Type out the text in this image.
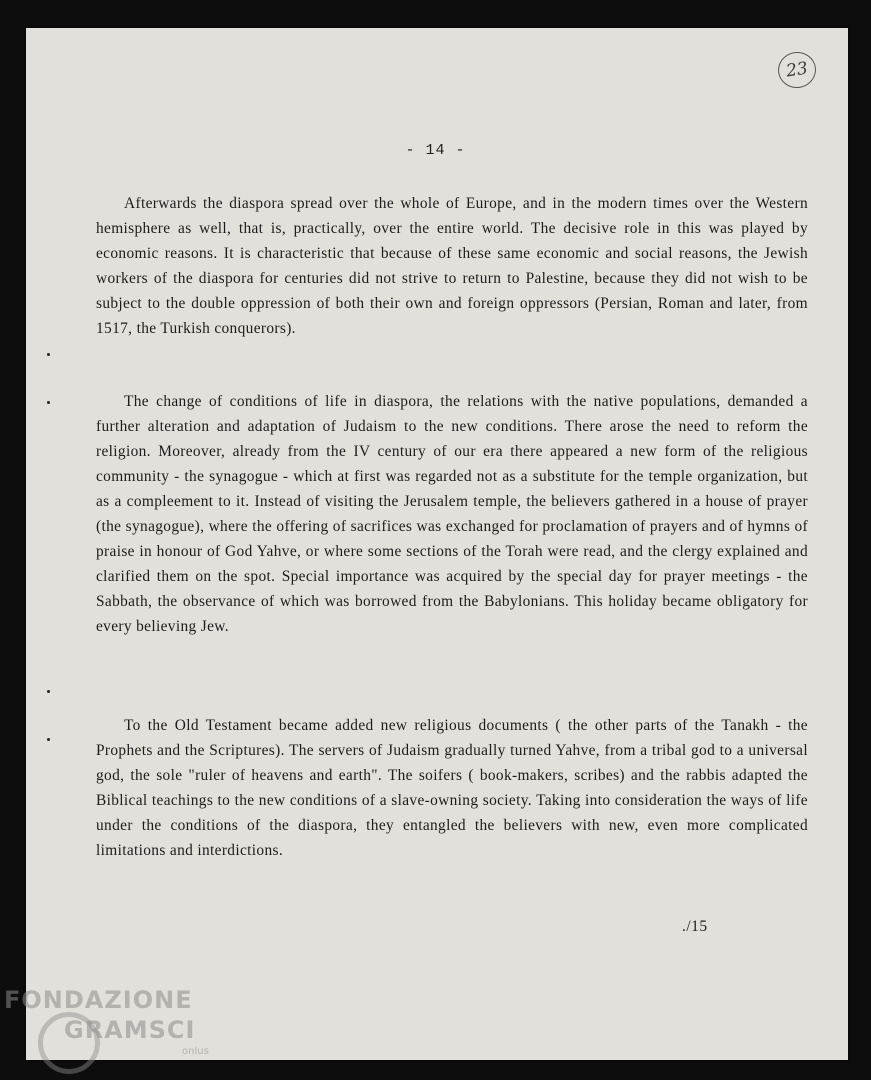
23
- 14 -

Afterwards the diaspora spread over the whole of Europe, and in the modern times over the Western hemisphere as well, that is, practically, over the entire world. The decisive role in this was played by economic reasons. It is characteristic that because of these same economic and social reasons, the Jewish workers of the diaspora for centuries did not strive to return to Palestine, because they did not wish to be subject to the double oppression of both their own and foreign oppressors (Persian, Roman and later, from 1517, the Turkish conquerors).

The change of conditions of life in diaspora, the relations with the native populations, demanded a further alteration and adaptation of Judaism to the new conditions. There arose the need to reform the religion. Moreover, already from the IV century of our era there appeared a new form of the religious community - the synagogue - which at first was regarded not as a substitute for the temple organization, but as a compleement to it. Instead of visiting the Jerusalem temple, the believers gathered in a house of prayer (the synagogue), where the offering of sacrifices was exchanged for proclamation of prayers and of hymns of praise in honour of God Yahve, or where some sections of the Torah were read, and the clergy explained and clarified them on the spot. Special importance was acquired by the special day for prayer meetings - the Sabbath, the observance of which was borrowed from the Babylonians. This holiday became obligatory for every believing Jew.

To the Old Testament became added new religious documents ( the other parts of the Tanakh - the Prophets and the Scriptures). The servers of Judaism gradually turned Yahve, from a tribal god to a universal god, the sole "ruler of heavens and earth". The soifers ( book-makers, scribes) and the rabbis adapted the Biblical teachings to the new conditions of a slave-owning society. Taking into consideration the ways of life under the conditions of the diaspora, they entangled the believers with new, even more complicated limitations and interdictions.

./15
FONDAZIONE
GRAMSCI
onlus
